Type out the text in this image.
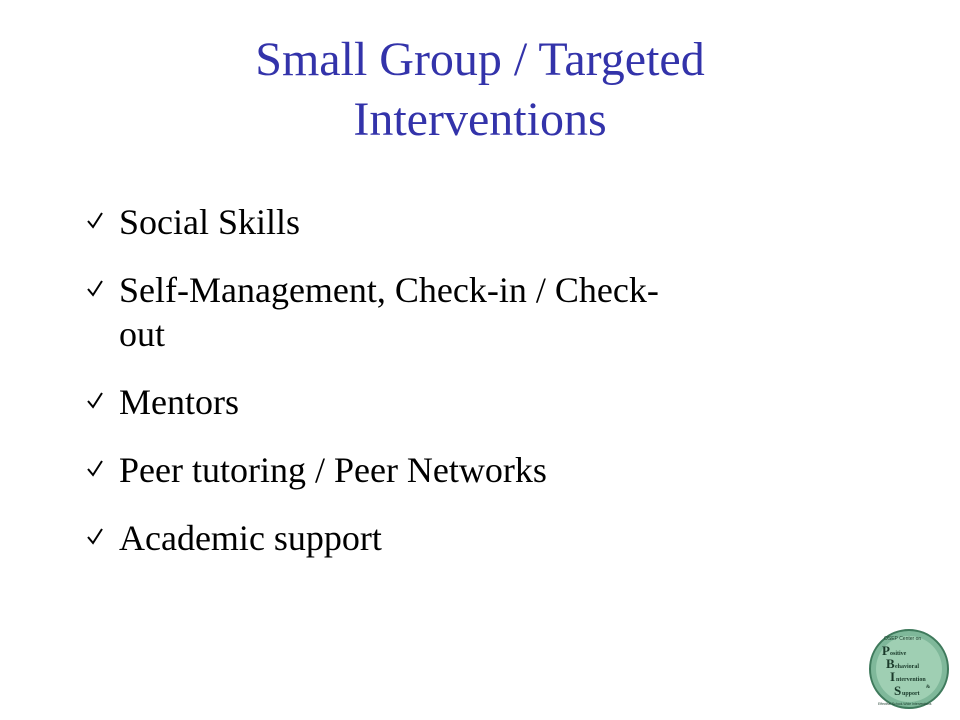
Small Group / Targeted
Interventions
Social Skills
Self-Management, Check-in / Check-
out
Mentors
Peer tutoring / Peer Networks
Academic support
OSEP Center on
P ositive
B ehavioral
I ntervention
&
S upport
Effective School-Wide Interventions
